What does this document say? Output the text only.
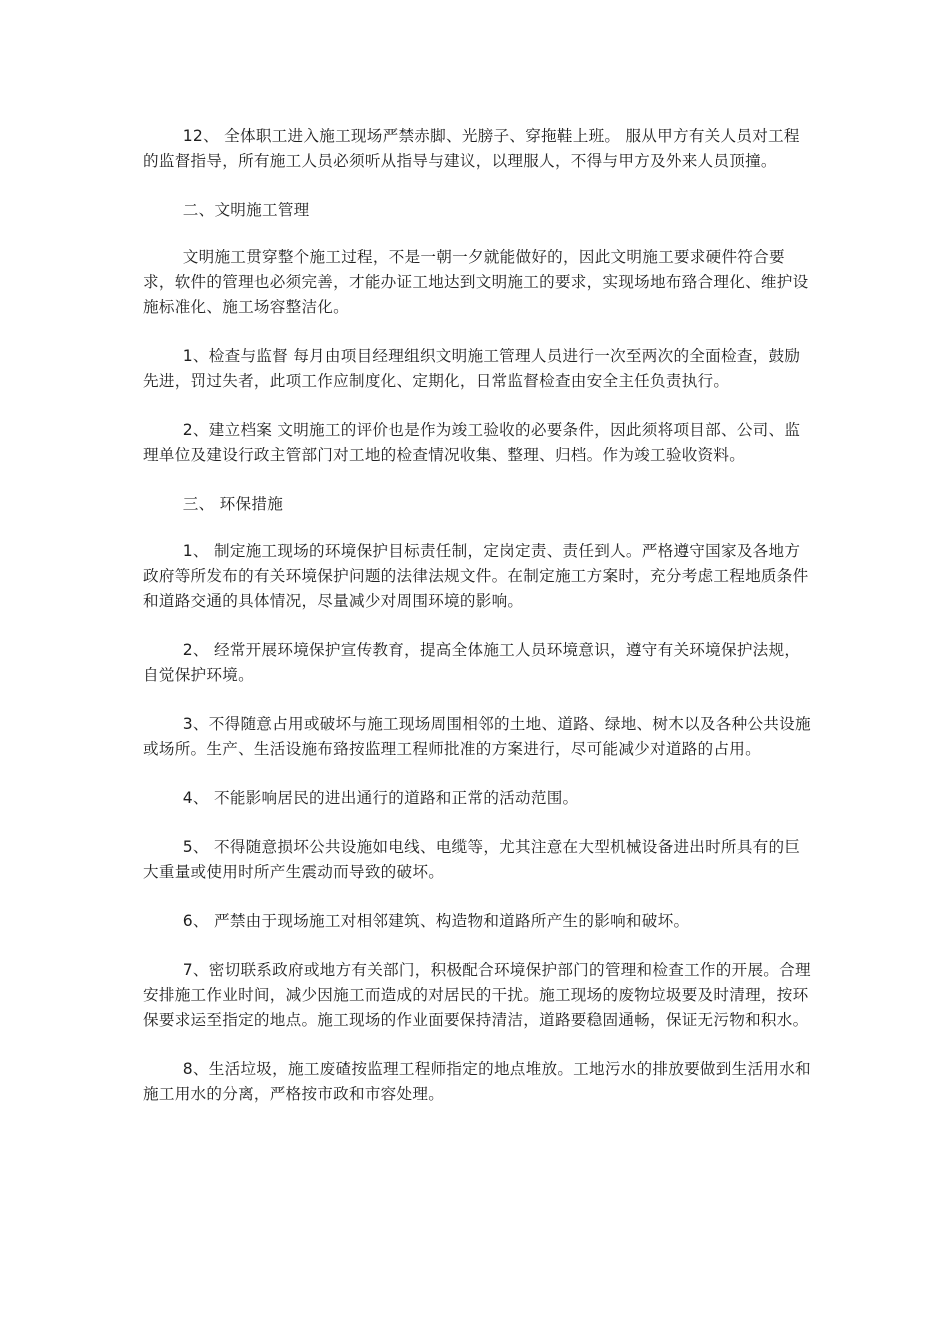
12、 全体职工进入施工现场严禁赤脚、光膀子、穿拖鞋上班。 服从甲方有关人员对工程的监督指导，所有施工人员必须听从指导与建议，以理服人，不得与甲方及外来人员顶撞。

二、文明施工管理

文明施工贯穿整个施工过程，不是一朝一夕就能做好的，因此文明施工要求硬件符合要求，软件的管理也必须完善，才能办证工地达到文明施工的要求，实现场地布臵合理化、维护设施标准化、施工场容整洁化。

1、检查与监督 每月由项目经理组织文明施工管理人员进行一次至两次的全面检查，鼓励先进，罚过失者，此项工作应制度化、定期化，日常监督检查由安全主任负责执行。

2、建立档案 文明施工的评价也是作为竣工验收的必要条件，因此须将项目部、公司、监理单位及建设行政主管部门对工地的检查情况收集、整理、归档。作为竣工验收资料。

三、 环保措施

1、 制定施工现场的环境保护目标责任制，定岗定责、责任到人。严格遵守国家及各地方政府等所发布的有关环境保护问题的法律法规文件。在制定施工方案时，充分考虑工程地质条件和道路交通的具体情况，尽量减少对周围环境的影响。

2、 经常开展环境保护宣传教育，提高全体施工人员环境意识，遵守有关环境保护法规，自觉保护环境。

3、不得随意占用或破坏与施工现场周围相邻的土地、道路、绿地、树木以及各种公共设施或场所。生产、生活设施布臵按监理工程师批准的方案进行，尽可能减少对道路的占用。

4、 不能影响居民的进出通行的道路和正常的活动范围。

5、 不得随意损坏公共设施如电线、电缆等，尤其注意在大型机械设备进出时所具有的巨大重量或使用时所产生震动而导致的破坏。

6、 严禁由于现场施工对相邻建筑、构造物和道路所产生的影响和破坏。

7、密切联系政府或地方有关部门，积极配合环境保护部门的管理和检查工作的开展。合理安排施工作业时间，减少因施工而造成的对居民的干扰。施工现场的废物垃圾要及时清理，按环保要求运至指定的地点。施工现场的作业面要保持清洁，道路要稳固通畅，保证无污物和积水。

8、生活垃圾，施工废碴按监理工程师指定的地点堆放。工地污水的排放要做到生活用水和施工用水的分离，严格按市政和市容处理。
